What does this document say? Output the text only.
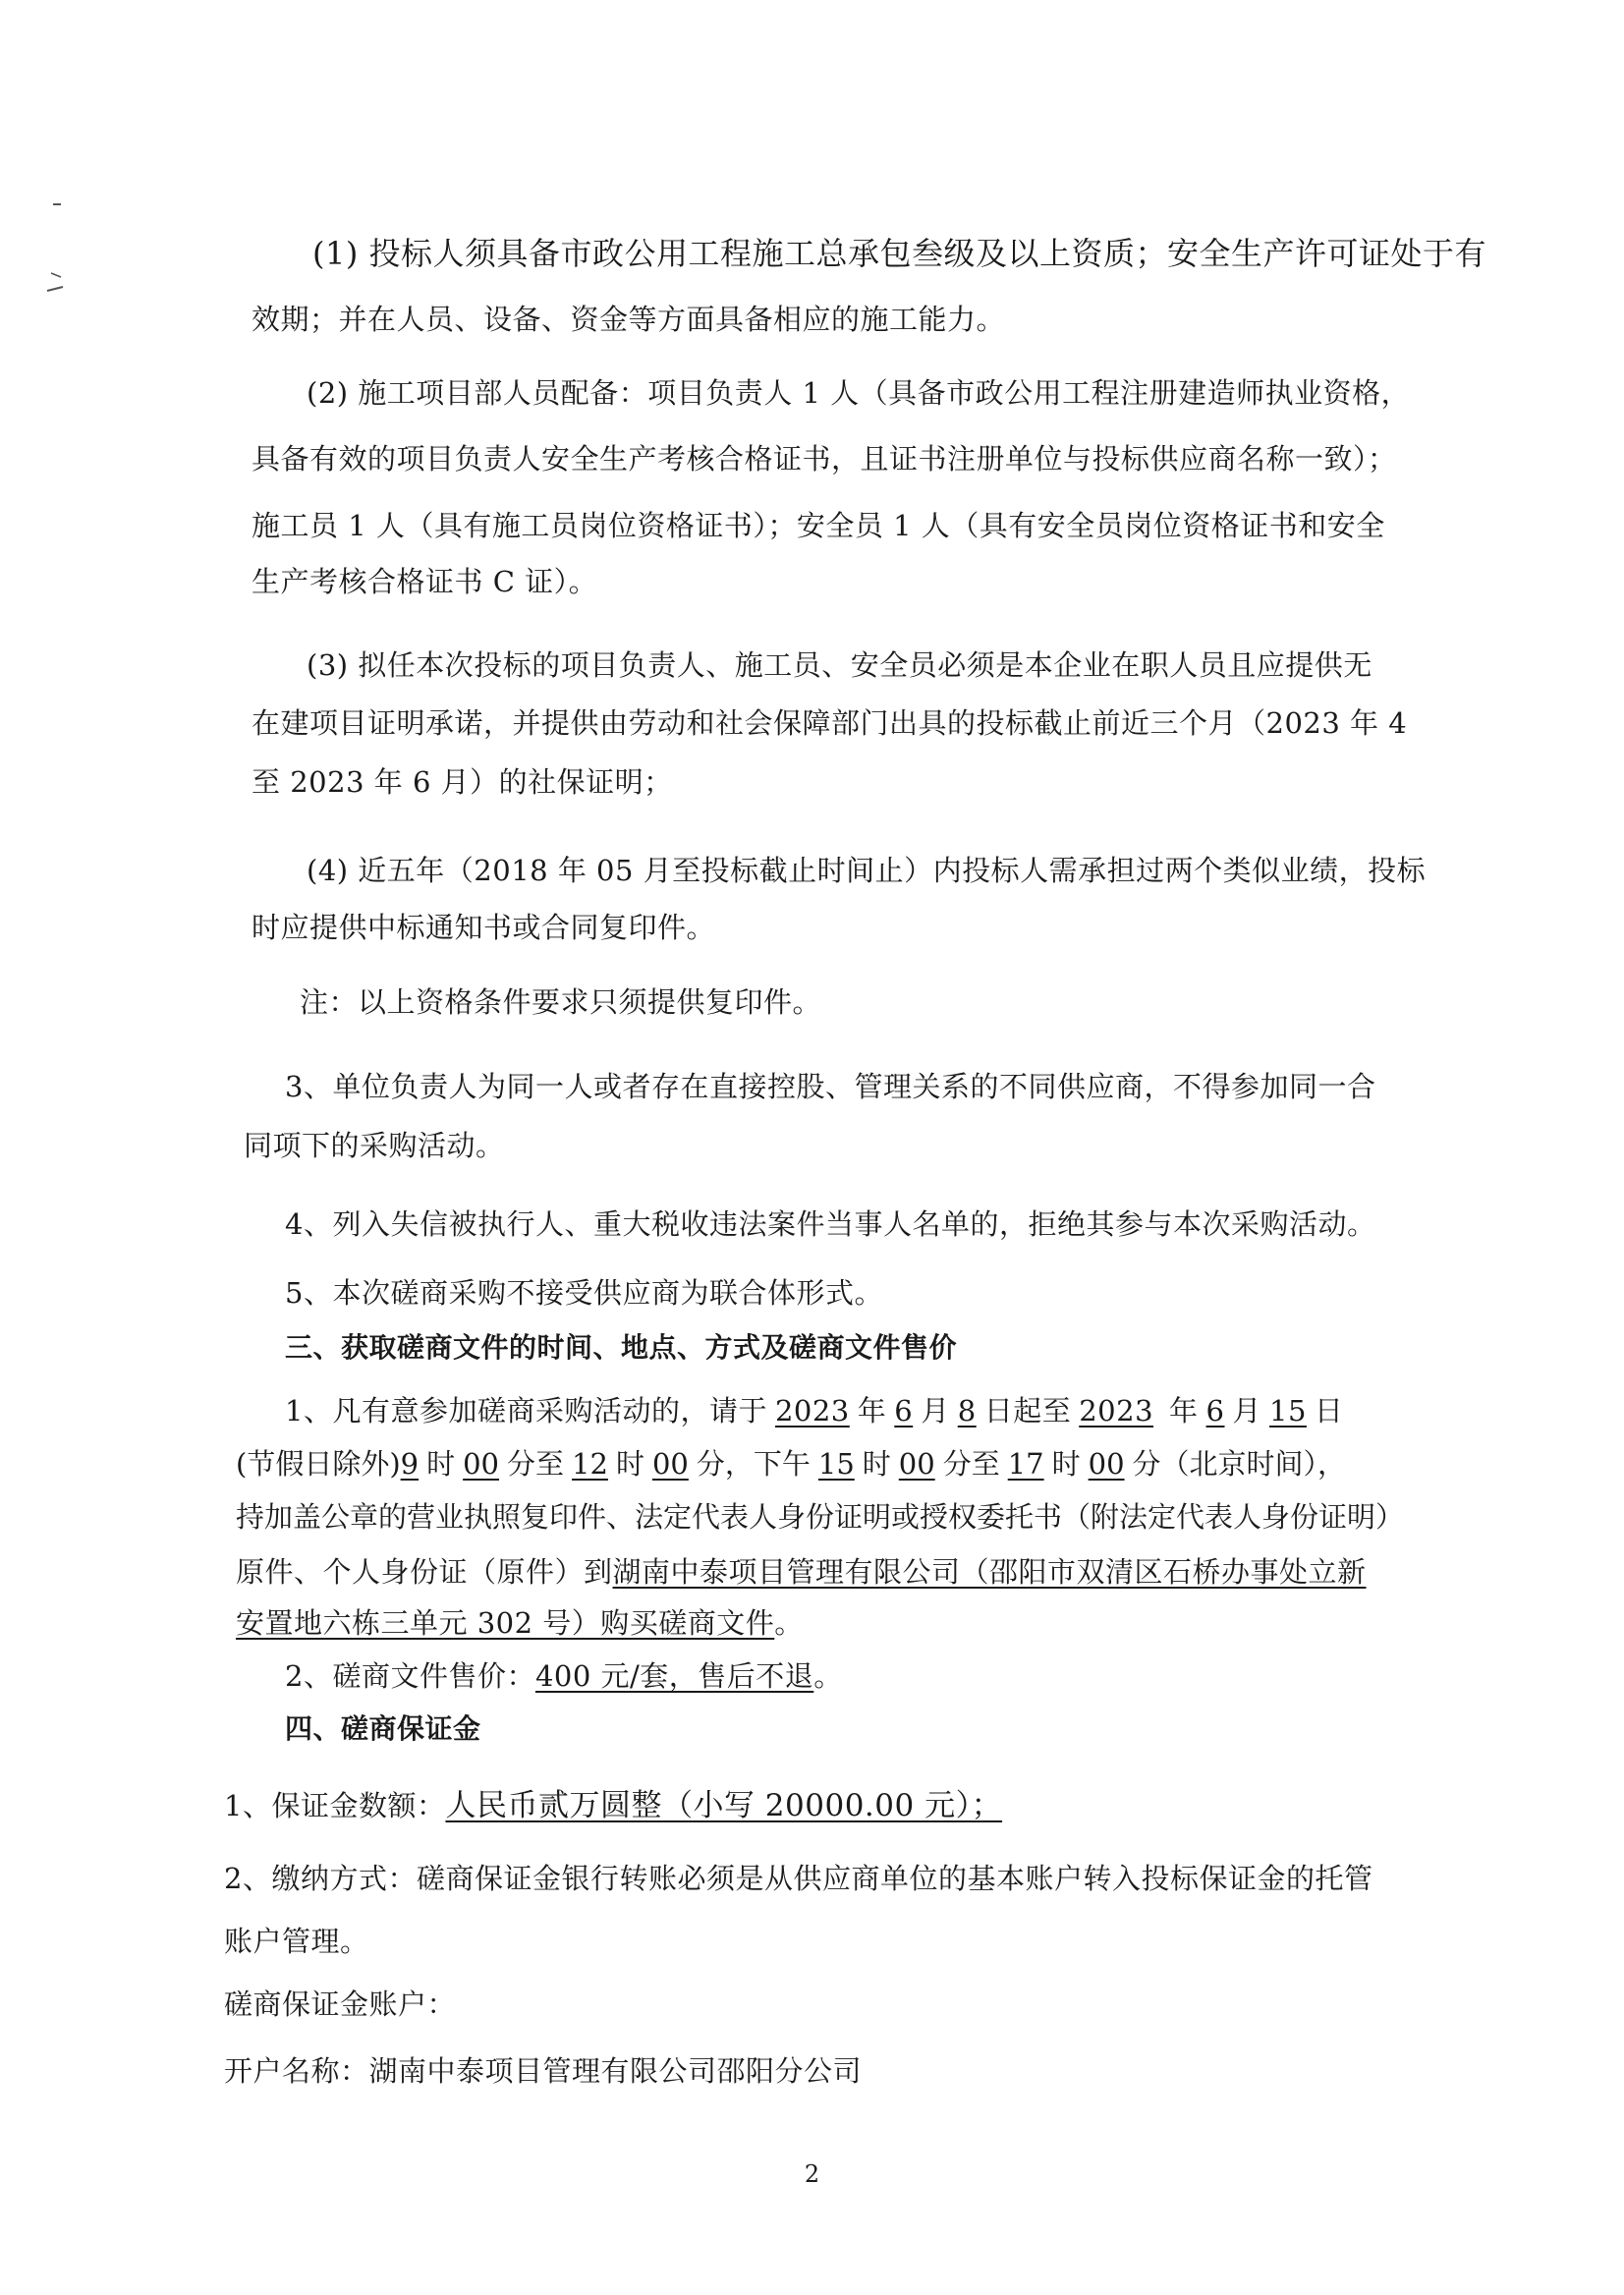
(1) 投标人须具备市政公用工程施工总承包叁级及以上资质；安全生产许可证处于有
效期；并在人员、设备、资金等方面具备相应的施工能力。
(2) 施工项目部人员配备：项目负责人 1 人（具备市政公用工程注册建造师执业资格，
具备有效的项目负责人安全生产考核合格证书，且证书注册单位与投标供应商名称一致）；
施工员 1 人（具有施工员岗位资格证书）；安全员 1 人（具有安全员岗位资格证书和安全
生产考核合格证书 C 证）。
(3) 拟任本次投标的项目负责人、施工员、安全员必须是本企业在职人员且应提供无
在建项目证明承诺，并提供由劳动和社会保障部门出具的投标截止前近三个月（2023 年 4
至 2023 年 6 月）的社保证明；
(4) 近五年（2018 年 05 月至投标截止时间止）内投标人需承担过两个类似业绩，投标
时应提供中标通知书或合同复印件。
注：以上资格条件要求只须提供复印件。
3、单位负责人为同一人或者存在直接控股、管理关系的不同供应商，不得参加同一合
同项下的采购活动。
4、列入失信被执行人、重大税收违法案件当事人名单的，拒绝其参与本次采购活动。
5、本次磋商采购不接受供应商为联合体形式。
三、获取磋商文件的时间、地点、方式及磋商文件售价
1、凡有意参加磋商采购活动的，请于 2023 年 6 月 8 日起至 2023 年 6 月 15 日
(节假日除外)9 时 00 分至 12 时 00 分，下午 15 时 00 分至 17 时 00 分（北京时间），
持加盖公章的营业执照复印件、法定代表人身份证明或授权委托书（附法定代表人身份证明）
原件、个人身份证（原件）到湖南中泰项目管理有限公司（邵阳市双清区石桥办事处立新
安置地六栋三单元 302 号）购买磋商文件。
2、磋商文件售价：400 元/套，售后不退。
四、磋商保证金
1、保证金数额：人民币贰万圆整（小写 20000.00 元）；
2、缴纳方式：磋商保证金银行转账必须是从供应商单位的基本账户转入投标保证金的托管
账户管理。
磋商保证金账户：
开户名称：湖南中泰项目管理有限公司邵阳分公司
2
